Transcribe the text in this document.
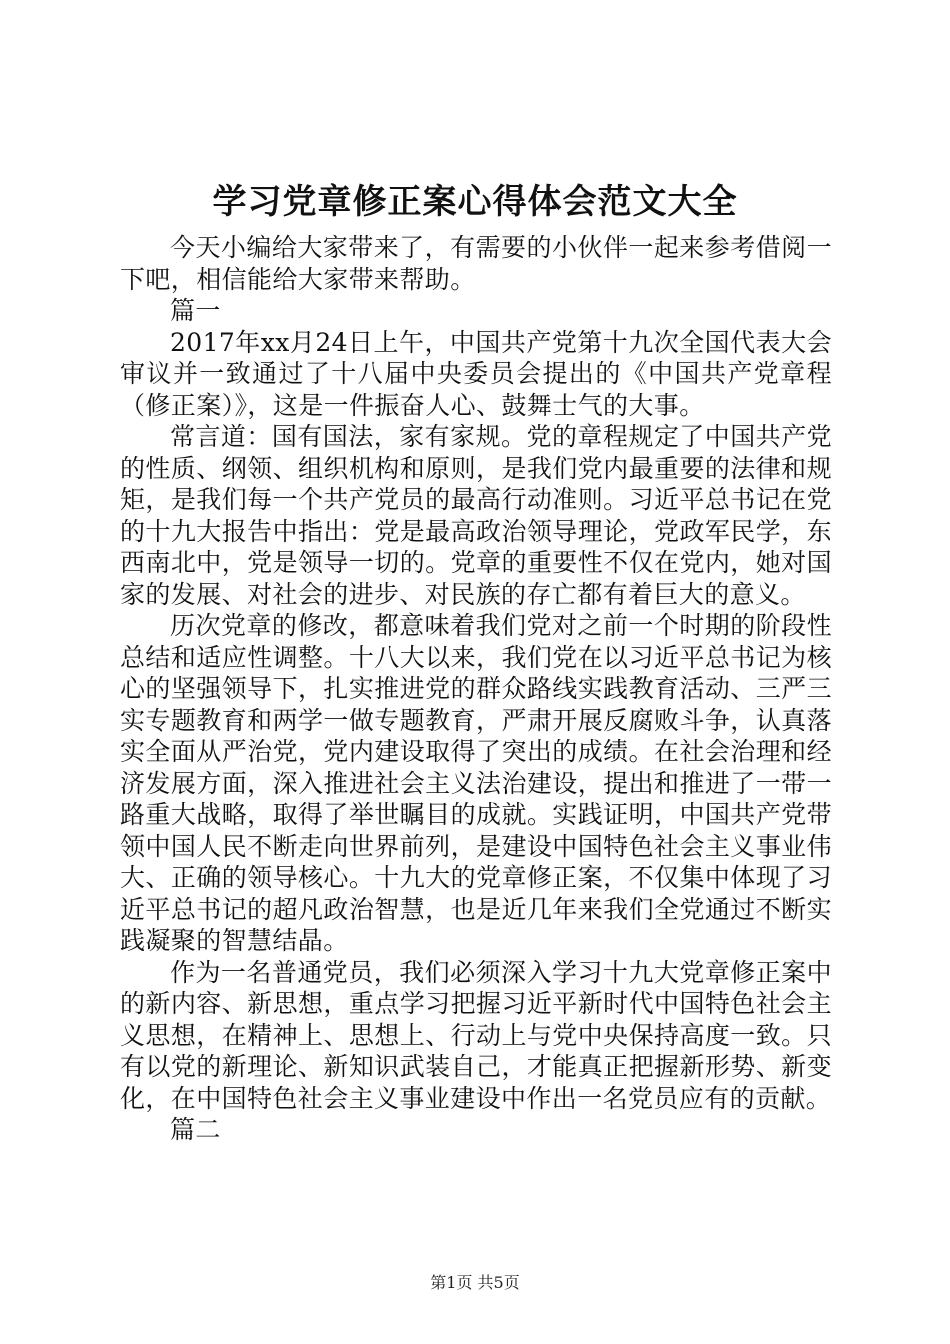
学习党章修正案心得体会范文大全

今天小编给大家带来了，有需要的小伙伴一起来参考借阅一下吧，相信能给大家带来帮助。

篇一

2017年xx月24日上午，中国共产党第十九次全国代表大会审议并一致通过了十八届中央委员会提出的《中国共产党章程（修正案）》，这是一件振奋人心、鼓舞士气的大事。

常言道：国有国法，家有家规。党的章程规定了中国共产党的性质、纲领、组织机构和原则，是我们党内最重要的法律和规矩，是我们每一个共产党员的最高行动准则。习近平总书记在党的十九大报告中指出：党是最高政治领导理论，党政军民学，东西南北中，党是领导一切的。党章的重要性不仅在党内，她对国家的发展、对社会的进步、对民族的存亡都有着巨大的意义。

历次党章的修改，都意味着我们党对之前一个时期的阶段性总结和适应性调整。十八大以来，我们党在以习近平总书记为核心的坚强领导下，扎实推进党的群众路线实践教育活动、三严三实专题教育和两学一做专题教育，严肃开展反腐败斗争，认真落实全面从严治党，党内建设取得了突出的成绩。在社会治理和经济发展方面，深入推进社会主义法治建设，提出和推进了一带一路重大战略，取得了举世瞩目的成就。实践证明，中国共产党带领中国人民不断走向世界前列，是建设中国特色社会主义事业伟大、正确的领导核心。十九大的党章修正案，不仅集中体现了习近平总书记的超凡政治智慧，也是近几年来我们全党通过不断实践凝聚的智慧结晶。

作为一名普通党员，我们必须深入学习十九大党章修正案中的新内容、新思想，重点学习把握习近平新时代中国特色社会主义思想，在精神上、思想上、行动上与党中央保持高度一致。只有以党的新理论、新知识武装自己，才能真正把握新形势、新变化，在中国特色社会主义事业建设中作出一名党员应有的贡献。

篇二

第1页 共5页
